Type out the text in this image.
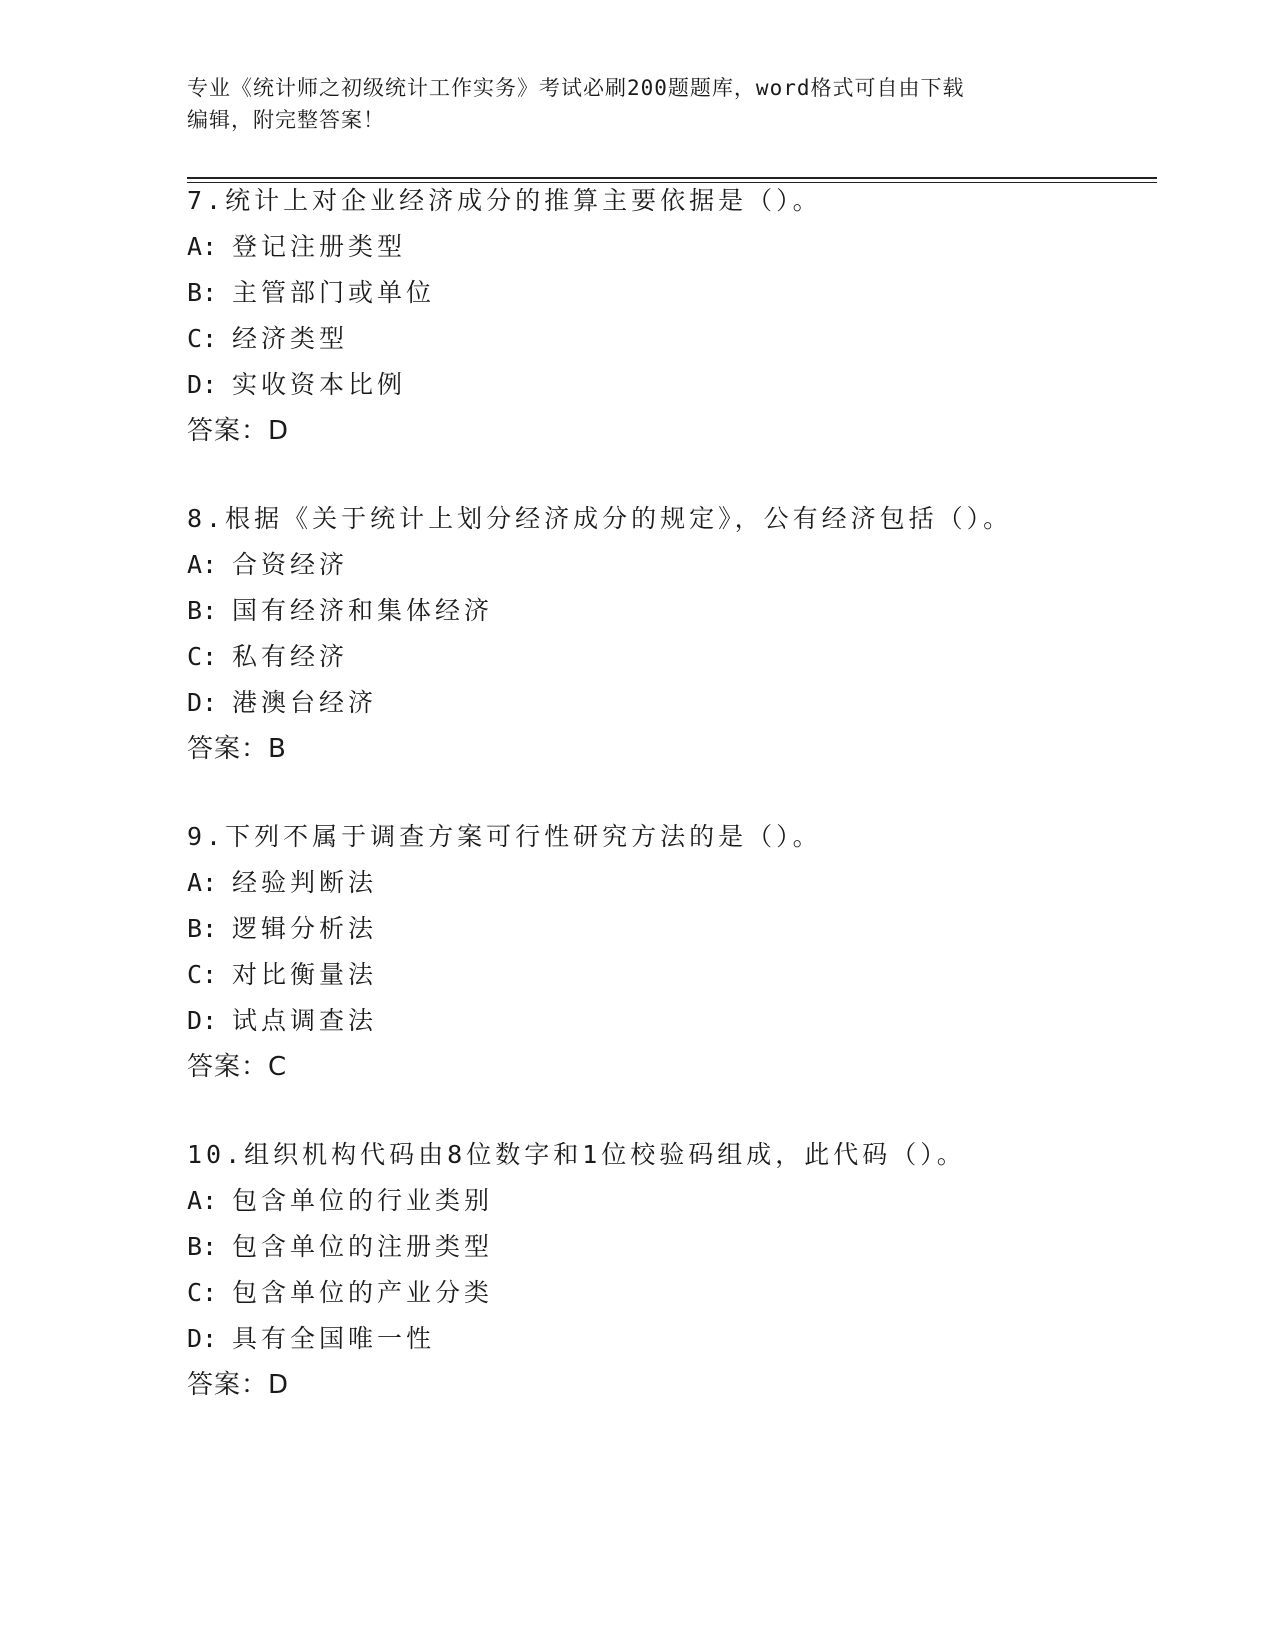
专业《统计师之初级统计工作实务》考试必刷200题题库，word格式可自由下载

编辑，附完整答案！

7.统计上对企业经济成分的推算主要依据是（）。
A: 登记注册类型
B: 主管部门或单位
C: 经济类型
D: 实收资本比例
答案：D
8.根据《关于统计上划分经济成分的规定》，公有经济包括（）。
A: 合资经济
B: 国有经济和集体经济
C: 私有经济
D: 港澳台经济
答案：B
9.下列不属于调查方案可行性研究方法的是（）。
A: 经验判断法
B: 逻辑分析法
C: 对比衡量法
D: 试点调查法
答案：C
10.组织机构代码由8位数字和1位校验码组成，此代码（）。
A: 包含单位的行业类别
B: 包含单位的注册类型
C: 包含单位的产业分类
D: 具有全国唯一性
答案：D
